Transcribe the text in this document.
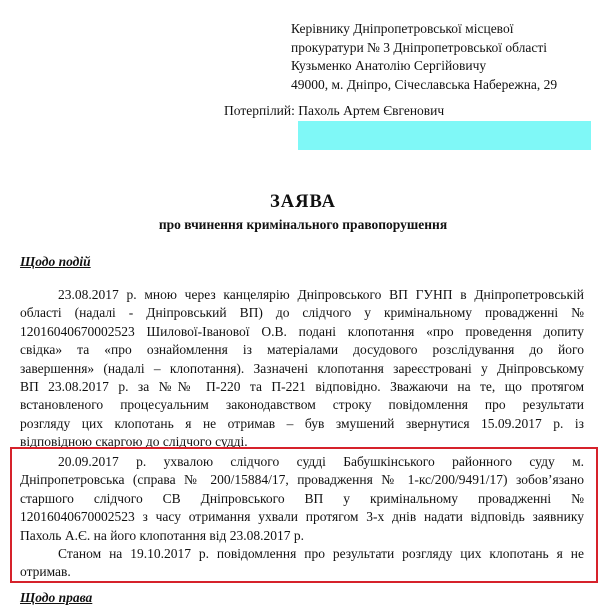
Керівнику Дніпропетровської місцевої
прокуратури № 3 Дніпропетровської області
Кузьменко Анатолію Сергійовичу
49000, м. Дніпро, Січеславська Набережна, 29
Потерпілий: Пахоль Артем Євгенович
ЗАЯВА
про вчинення кримінального правопорушення
Щодо подій
23.08.2017 р. мною через канцелярію Дніпровського ВП ГУНП в Дніпропетровській
області (надалі - Дніпровський ВП) до слідчого у кримінальному провадженні №
12016040670002523 Шилової-Іванової О.В. подані клопотання «про проведення допиту
свідка» та «про ознайомлення із матеріалами досудового розслідування до його
завершення» (надалі – клопотання). Зазначені клопотання зареєстровані у Дніпровському
ВП 23.08.2017 р. за №№ П-220 та П-221 відповідно. Зважаючи на те, що протягом
встановленого процесуальним законодавством строку повідомлення про результати
розгляду цих клопотань я не отримав – був змушений звернутися 15.09.2017 р. із
відповідною скаргою до слідчого судді.
20.09.2017 р. ухвалою слідчого судді Бабушкінського районного суду м.
Дніпропетровська (справа № 200/15884/17, провадження № 1-кс/200/9491/17) зобов’язано
старшого слідчого СВ Дніпровського ВП у кримінальному провадженні №
12016040670002523 з часу отримання ухвали протягом 3-х днів надати відповідь заявнику
Пахоль А.Є. на його клопотання від 23.08.2017 р.
Станом на 19.10.2017 р. повідомлення про результати розгляду цих клопотань я не
отримав.
Щодо права
